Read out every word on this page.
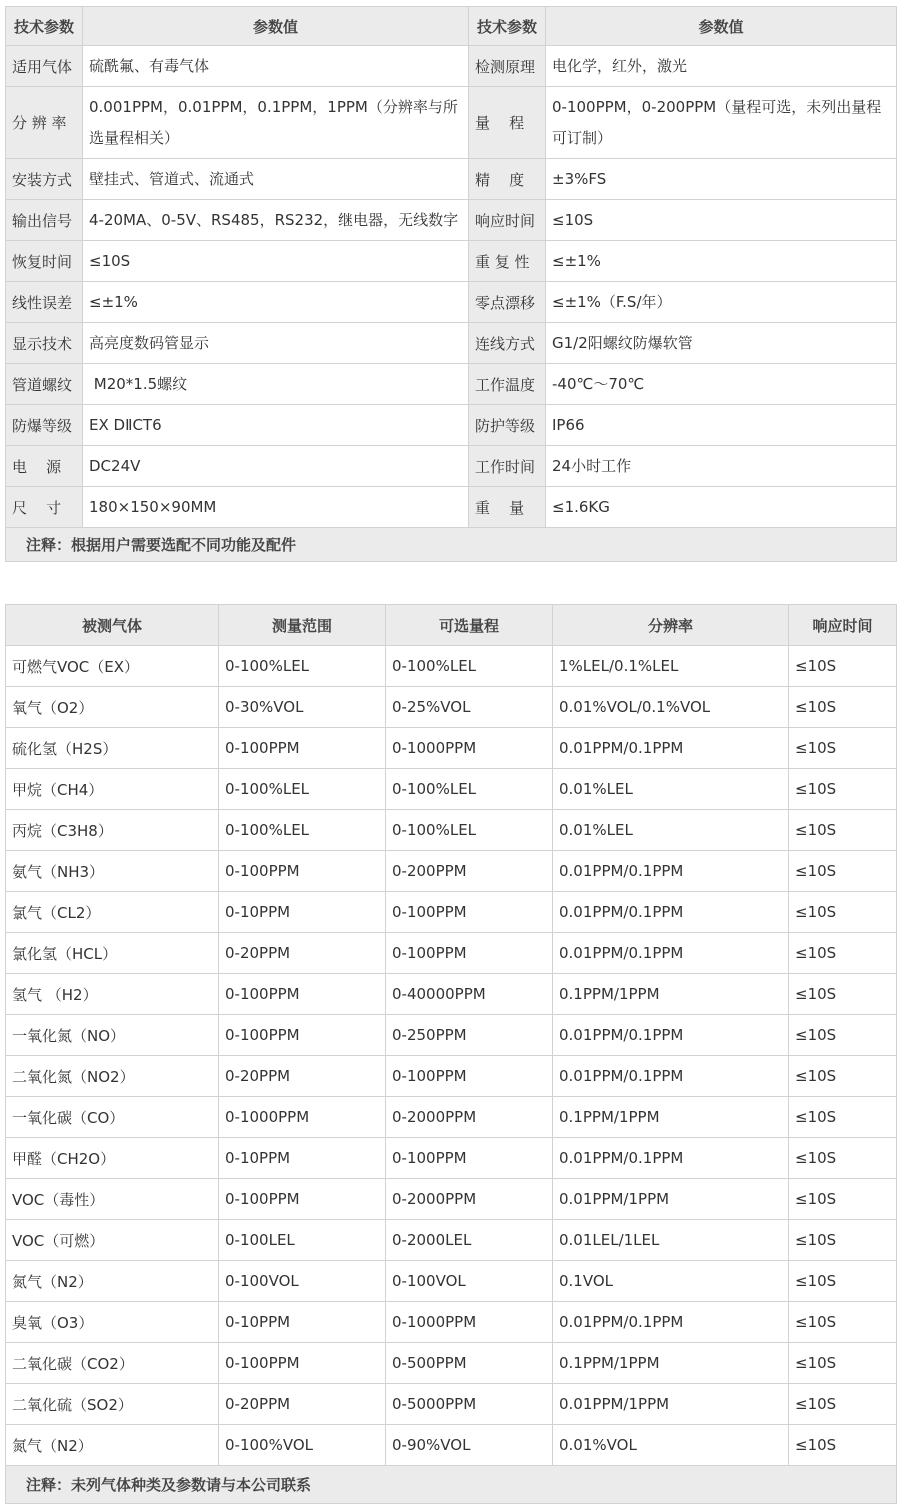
技术参数	参数值	技术参数	参数值
适用气体	硫酰氟、有毒气体	检测原理	电化学，红外，激光
分 辨 率	0.001PPM，0.01PPM，0.1PPM，1PPM（分辨率与所选量程相关）	量    程	0-100PPM，0-200PPM（量程可选，未列出量程可订制）
安装方式	壁挂式、管道式、流通式	精    度	±3%FS
输出信号	4-20MA、0-5V、RS485，RS232，继电器，无线数字	响应时间	≤10S
恢复时间	≤10S	重 复 性	≤±1%
线性误差	≤±1%	零点漂移	≤±1%（F.S/年）
显示技术	高亮度数码管显示	连线方式	G1/2阳螺纹防爆软管
管道螺纹	M20*1.5螺纹	工作温度	-40℃～70℃
防爆等级	EX DⅡCT6	防护等级	IP66
电    源	DC24V	工作时间	24小时工作
尺    寸	180×150×90MM	重    量	≤1.6KG
注释：根据用户需要选配不同功能及配件			
被测气体	测量范围	可选量程	分辨率	响应时间
可燃气VOC（EX）	0-100%LEL	0-100%LEL	1%LEL/0.1%LEL	≤10S
氧气（O2）	0-30%VOL	0-25%VOL	0.01%VOL/0.1%VOL	≤10S
硫化氢（H2S）	0-100PPM	0-1000PPM	0.01PPM/0.1PPM	≤10S
甲烷（CH4）	0-100%LEL	0-100%LEL	0.01%LEL	≤10S
丙烷（C3H8）	0-100%LEL	0-100%LEL	0.01%LEL	≤10S
氨气（NH3）	0-100PPM	0-200PPM	0.01PPM/0.1PPM	≤10S
氯气（CL2）	0-10PPM	0-100PPM	0.01PPM/0.1PPM	≤10S
氯化氢（HCL）	0-20PPM	0-100PPM	0.01PPM/0.1PPM	≤10S
氢气 （H2）	0-100PPM	0-40000PPM	0.1PPM/1PPM	≤10S
一氧化氮（NO）	0-100PPM	0-250PPM	0.01PPM/0.1PPM	≤10S
二氧化氮（NO2）	0-20PPM	0-100PPM	0.01PPM/0.1PPM	≤10S
一氧化碳（CO）	0-1000PPM	0-2000PPM	0.1PPM/1PPM	≤10S
甲醛（CH2O）	0-10PPM	0-100PPM	0.01PPM/0.1PPM	≤10S
VOC（毒性）	0-100PPM	0-2000PPM	0.01PPM/1PPM	≤10S
VOC（可燃）	0-100LEL	0-2000LEL	0.01LEL/1LEL	≤10S
氮气（N2）	0-100VOL	0-100VOL	0.1VOL	≤10S
臭氧（O3）	0-10PPM	0-1000PPM	0.01PPM/0.1PPM	≤10S
二氧化碳（CO2）	0-100PPM	0-500PPM	0.1PPM/1PPM	≤10S
二氧化硫（SO2）	0-20PPM	0-5000PPM	0.01PPM/1PPM	≤10S
氮气（N2）	0-100%VOL	0-90%VOL	0.01%VOL	≤10S
注释：未列气体种类及参数请与本公司联系				
